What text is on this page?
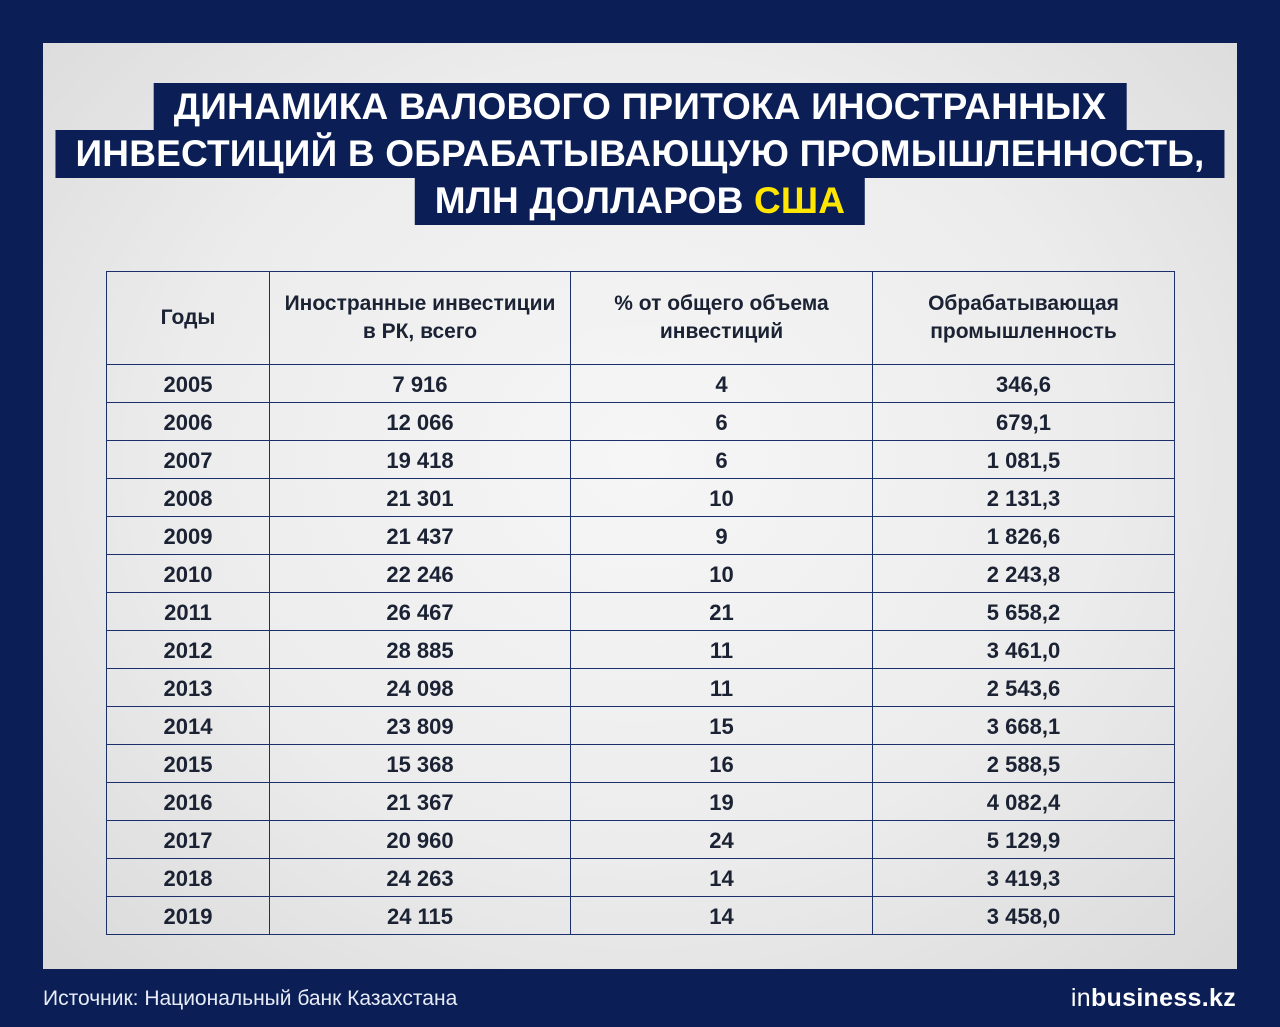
ДИНАМИКА ВАЛОВОГО ПРИТОКА ИНОСТРАННЫХ
ИНВЕСТИЦИЙ В ОБРАБАТЫВАЮЩУЮ ПРОМЫШЛЕННОСТЬ,
МЛН ДОЛЛАРОВ США
Годы	Иностранные инвестиции в РК, всего	% от общего объема инвестиций	Обрабатывающая промышленность
2005	7 916	4	346,6
2006	12 066	6	679,1
2007	19 418	6	1 081,5
2008	21 301	10	2 131,3
2009	21 437	9	1 826,6
2010	22 246	10	2 243,8
2011	26 467	21	5 658,2
2012	28 885	11	3 461,0
2013	24 098	11	2 543,6
2014	23 809	15	3 668,1
2015	15 368	16	2 588,5
2016	21 367	19	4 082,4
2017	20 960	24	5 129,9
2018	24 263	14	3 419,3
2019	24 115	14	3 458,0
Источник: Национальный банк Казахстана	inbusiness.kz
